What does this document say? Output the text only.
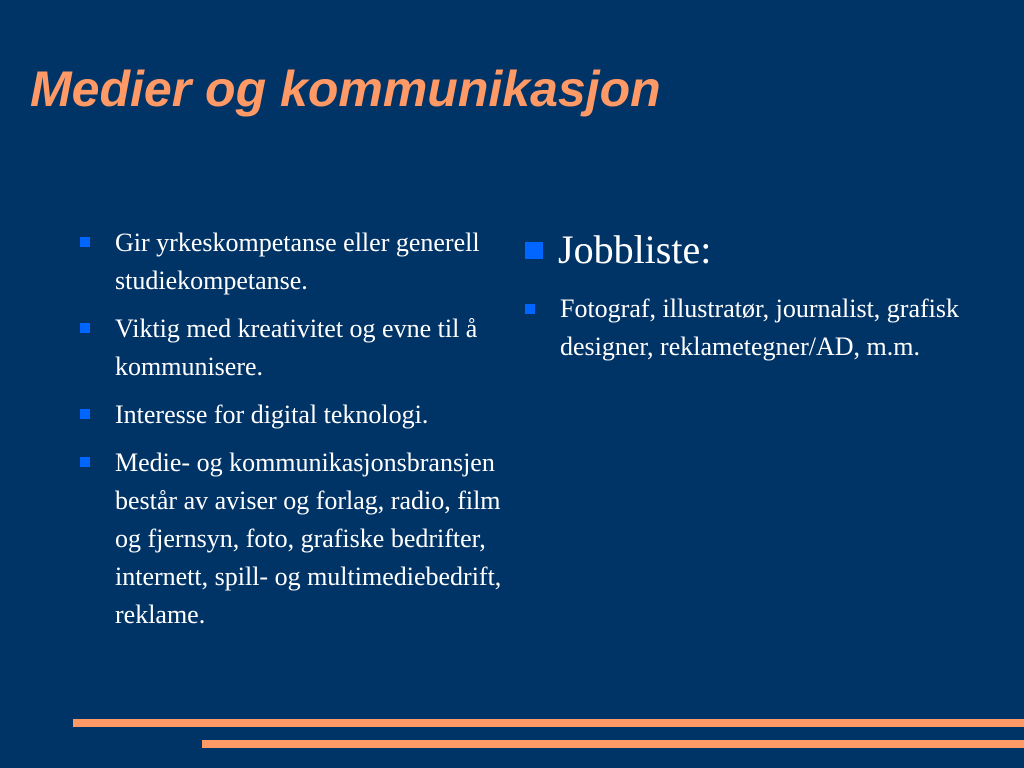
Medier og kommunikasjon
Gir yrkeskompetanse eller generell studiekompetanse.
Viktig med kreativitet og evne til å kommunisere.
Interesse for digital teknologi.
Medie- og kommunikasjonsbransjen består av aviser og forlag, radio, film og fjernsyn, foto, grafiske bedrifter, internett, spill- og multimediebedrift, reklame.
Jobbliste:
Fotograf, illustratør, journalist, grafisk designer, reklametegner/AD, m.m.
